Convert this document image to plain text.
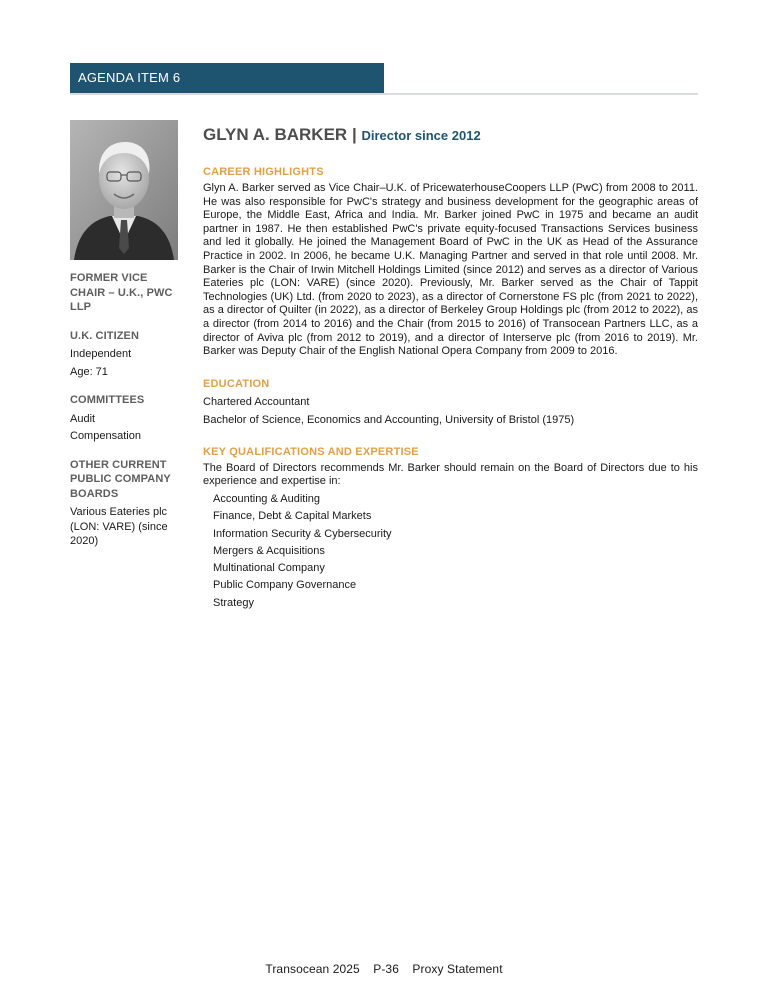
AGENDA ITEM 6
FORMER VICE CHAIR – U.K., PWC LLP
U.K. CITIZEN
Independent
Age: 71
COMMITTEES
Audit
Compensation
OTHER CURRENT PUBLIC COMPANY BOARDS
Various Eateries plc (LON: VARE) (since 2020)
GLYN A. BARKER | Director since 2012
CAREER HIGHLIGHTS
Glyn A. Barker served as Vice Chair–U.K. of PricewaterhouseCoopers LLP (PwC) from 2008 to 2011. He was also responsible for PwC's strategy and business development for the geographic areas of Europe, the Middle East, Africa and India. Mr. Barker joined PwC in 1975 and became an audit partner in 1987. He then established PwC's private equity-focused Transactions Services business and led it globally. He joined the Management Board of PwC in the UK as Head of the Assurance Practice in 2002. In 2006, he became U.K. Managing Partner and served in that role until 2008. Mr. Barker is the Chair of Irwin Mitchell Holdings Limited (since 2012) and serves as a director of Various Eateries plc (LON: VARE) (since 2020). Previously, Mr. Barker served as the Chair of Tappit Technologies (UK) Ltd. (from 2020 to 2023), as a director of Cornerstone FS plc (from 2021 to 2022), as a director of Quilter (in 2022), as a director of Berkeley Group Holdings plc (from 2012 to 2022), as a director (from 2014 to 2016) and the Chair (from 2015 to 2016) of Transocean Partners LLC, as a director of Aviva plc (from 2012 to 2019), and a director of Interserve plc (from 2016 to 2019). Mr. Barker was Deputy Chair of the English National Opera Company from 2009 to 2016.
EDUCATION
Chartered Accountant
Bachelor of Science, Economics and Accounting, University of Bristol (1975)
KEY QUALIFICATIONS AND EXPERTISE
The Board of Directors recommends Mr. Barker should remain on the Board of Directors due to his experience and expertise in:
Accounting & Auditing
Finance, Debt & Capital Markets
Information Security & Cybersecurity
Mergers & Acquisitions
Multinational Company
Public Company Governance
Strategy
Transocean 2025 P-36 Proxy Statement
